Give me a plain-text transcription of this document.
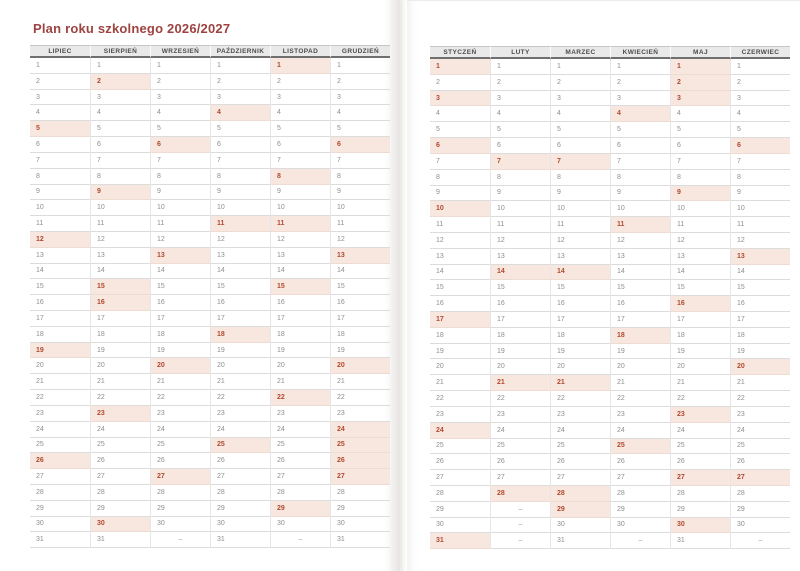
Plan roku szkolnego 2026/2027
LIPIEC
1
2
3
4
5
6
7
8
9
10
11
12
13
14
15
16
17
18
19
20
21
22
23
24
25
26
27
28
29
30
31
SIERPIEŃ
1
2
3
4
5
6
7
8
9
10
11
12
13
14
15
16
17
18
19
20
21
22
23
24
25
26
27
28
29
30
31
WRZESIEŃ
1
2
3
4
5
6
7
8
9
10
11
12
13
14
15
16
17
18
19
20
21
22
23
24
25
26
27
28
29
30
–
PAŹDZIERNIK
1
2
3
4
5
6
7
8
9
10
11
12
13
14
15
16
17
18
19
20
21
22
23
24
25
26
27
28
29
30
31
LISTOPAD
1
2
3
4
5
6
7
8
9
10
11
12
13
14
15
16
17
18
19
20
21
22
23
24
25
26
27
28
29
30
–
GRUDZIEŃ
1
2
3
4
5
6
7
8
9
10
11
12
13
14
15
16
17
18
19
20
21
22
23
24
25
26
27
28
29
30
31
STYCZEŃ
1
2
3
4
5
6
7
8
9
10
11
12
13
14
15
16
17
18
19
20
21
22
23
24
25
26
27
28
29
30
31
LUTY
1
2
3
4
5
6
7
8
9
10
11
12
13
14
15
16
17
18
19
20
21
22
23
24
25
26
27
28
–
–
–
MARZEC
1
2
3
4
5
6
7
8
9
10
11
12
13
14
15
16
17
18
19
20
21
22
23
24
25
26
27
28
29
30
31
KWIECIEŃ
1
2
3
4
5
6
7
8
9
10
11
12
13
14
15
16
17
18
19
20
21
22
23
24
25
26
27
28
29
30
–
MAJ
1
2
3
4
5
6
7
8
9
10
11
12
13
14
15
16
17
18
19
20
21
22
23
24
25
26
27
28
29
30
31
CZERWIEC
1
2
3
4
5
6
7
8
9
10
11
12
13
14
15
16
17
18
19
20
21
22
23
24
25
26
27
28
29
30
–
